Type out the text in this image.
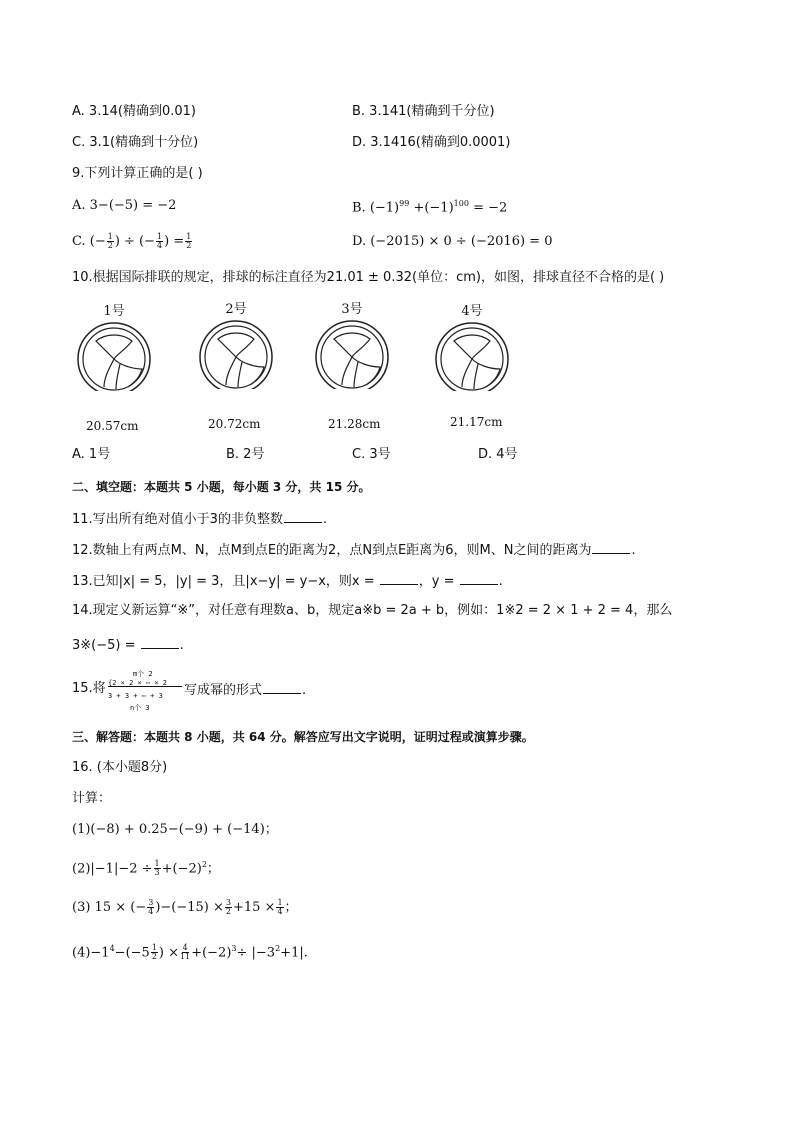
A. 3.14(精确到0.01)	B. 3.141(精确到千分位)
C. 3.1(精确到十分位)	D. 3.1416(精确到0.0001)
9.下列计算正确的是( )
A. 3−(−5) = −2	B. $(-1)^{99} +(-1)^{100} = -2$
C. (− $\frac{1}{2}$ ) ÷ (− $\frac{1}{4}$ ) = $\frac{1}{2}$	D. (−2015) × 0 ÷ (−2016) = 0
10.根据国际排联的规定，排球的标注直径为21.01 ± 0.32(单位：cm)，如图，排球直径不合格的是( )
1号
20.57cm
2号
20.72cm
3号
21.28cm
4号
21.17cm
A. 1号	B. 2号	C. 3号	D. 4号
二、填空题：本题共 5 小题，每小题 3 分，共 15 分。
11.写出所有绝对值小于3的非负整数	.
12.数轴上有两点M、N，点M到点E的距离为2，点N到点E距离为6，则M、N之间的距离为	.
13.已知|x| = 5，|y| = 3，且|x−y| = y−x，则x =	，y =	.
14.现定义新运算“※”，对任意有理数a、b，规定a※b = 2a + b，例如：1※2 = 2 × 1 + 2 = 4，那么
3※(−5) =	.
15.将
m个 2
{2 × 2 × ⋯ × 2
3 + 3 + ⋯ + 3
n个 3
写成幂的形式	.
三、解答题：本题共 8 小题，共 64 分。解答应写出文字说明，证明过程或演算步骤。
16. (本小题8分)
计算：
(1)(−8) + 0.25−(−9) + (−14)；
$(2)|-1|-2 \div \frac{1}{3} +(-2)^2$；
(3) 15 × (− $\frac{3}{4} )-(-15) \times \frac{3}{2} +15 \times \frac{1}{4}$ ；
$(4)-1^4-(-5 \frac{1}{2}$ ) × $\frac{4}{11} +(-2)^3\div |-3^2+1|$.
